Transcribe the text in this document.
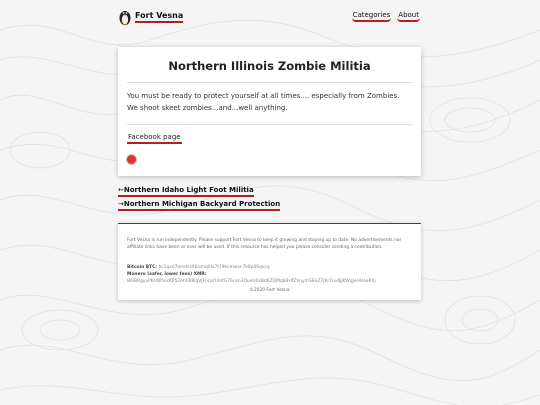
Fort Vesna	Categories About
Northern Illinois Zombie Militia

You must be ready to protect yourself at all times.... especially from Zombies. We shoot skeet zombies...and...well anything.

Facebook page
←Northern Idaho Light Foot Militia
→Northern Michigan Backyard Protection

Fort Vesna is run independently. Please support Fort Vesna to keep it growing and staying up to date. No advertisements nor affiliate links have been or ever will be used. If this resource has helped you please consider sending a contribution.

Bitcoin BTC: bc1qxd7lnrelsz06aznq0lx7t79kvmwsn7k8p46qxcq

Monero (safer, lower fees) XMR:

8AiBRgyvPbUW5ncKP52AhFB8iqVJFncpfUmtG7Snsn3QueUXsBdKZQMqbBHfZVnymSBeZ7jKr7uv6JjKWqJeHHaeRXj

©2020 Fort Vesna
